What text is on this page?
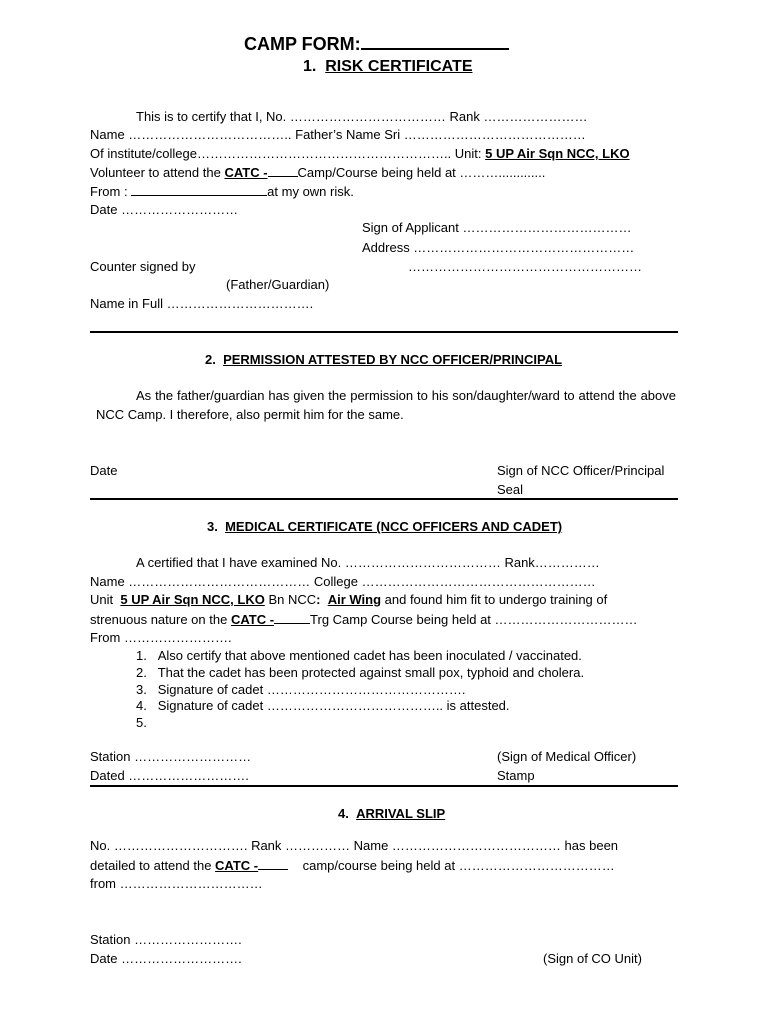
CAMP FORM:
1. RISK CERTIFICATE
This is to certify that I, No. ……………………………… Rank ……………………
Name ……………………………….. Father’s Name Sri ……………………………………
Of institute/college………………………………………………….. Unit: 5 UP Air Sqn NCC, LKO
Volunteer to attend the CATC - Camp/Course being held at ……….............
From :	at my own risk.
Date ………………………
Sign of Applicant …………………………………
Address ……………………………………………
Counter signed by	………………………………………………
(Father/Guardian)
Name in Full …………………………….
2. PERMISSION ATTESTED BY NCC OFFICER/PRINCIPAL
As the father/guardian has given the permission to his son/daughter/ward to attend the above NCC Camp. I therefore, also permit him for the same.
Date	Sign of NCC Officer/Principal
Seal
3. MEDICAL CERTIFICATE (NCC OFFICERS AND CADET)
A certified that I have examined No. ……………………………… Rank……………
Name …………………………………… College ………………………………………………
Unit  5 UP Air Sqn NCC, LKO Bn NCC: Air Wing and found him fit to undergo training of
strenuous nature on the CATC -	Trg Camp Course being held at ……………………………
From …………………….
1. Also certify that above mentioned cadet has been inoculated / vaccinated.
2. That the cadet has been protected against small pox, typhoid and cholera.
3. Signature of cadet ……………………………………….
4. Signature of cadet ………………………………….. is attested.
5.
Station ………………………	(Sign of Medical Officer)
Dated ……………………….	Stamp
4. ARRIVAL SLIP
No. …………………………. Rank …………… Name ………………………………… has been
detailed to attend the CATC -	camp/course being held at ………………………………
from ……………………………
Station …………………….
Date ……………………….	(Sign of CO Unit)
